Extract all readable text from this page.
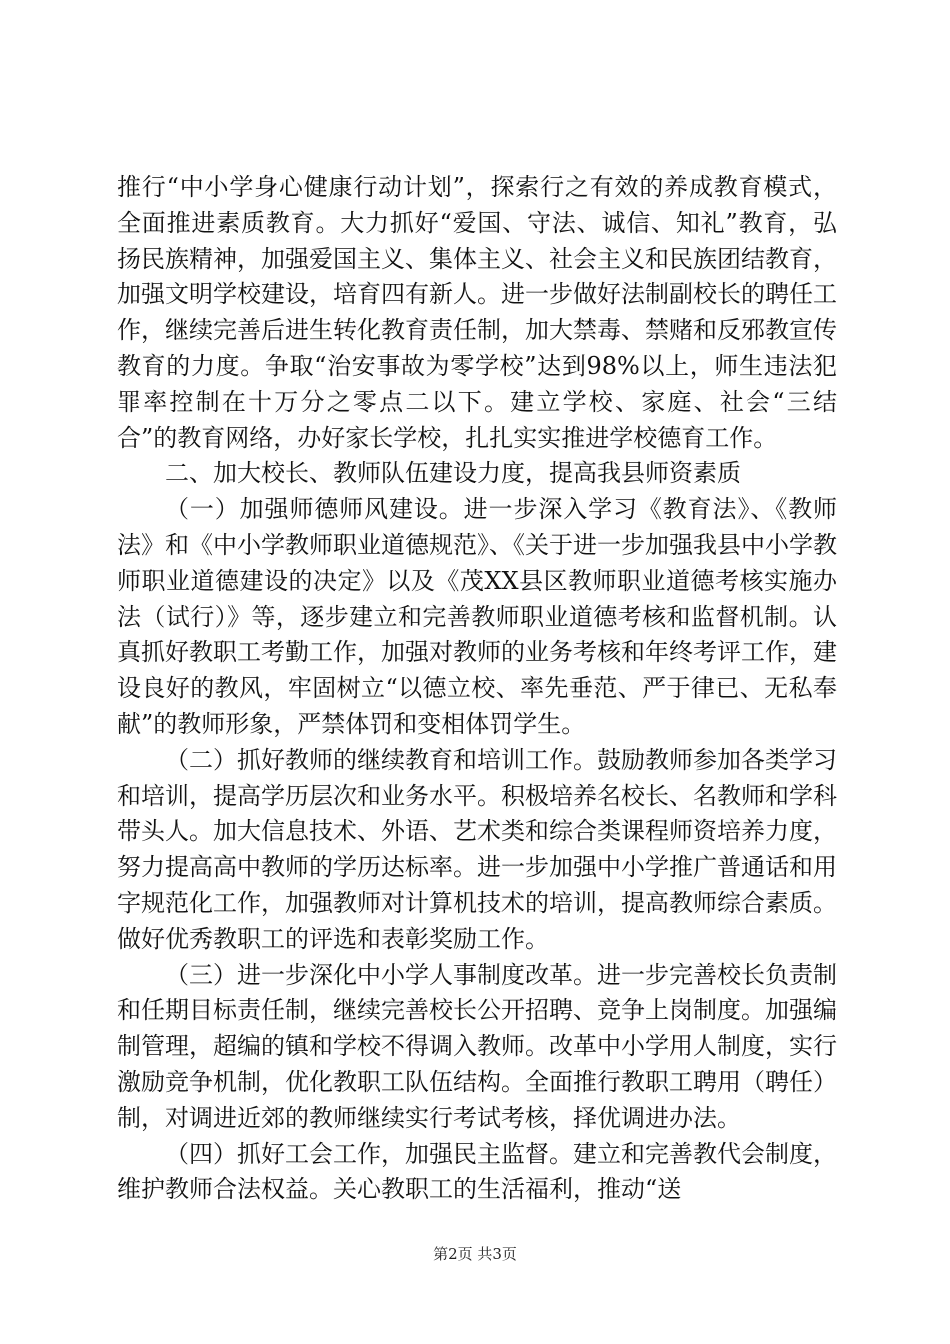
推行“中小学身心健康行动计划”，探索行之有效的养成教育模式，全面推进素质教育。大力抓好“爱国、守法、诚信、知礼”教育，弘扬民族精神，加强爱国主义、集体主义、社会主义和民族团结教育，加强文明学校建设，培育四有新人。进一步做好法制副校长的聘任工作，继续完善后进生转化教育责任制，加大禁毒、禁赌和反邪教宣传教育的力度。争取“治安事故为零学校”达到98%以上，师生违法犯罪率控制在十万分之零点二以下。建立学校、家庭、社会“三结合”的教育网络，办好家长学校，扎扎实实推进学校德育工作。

二、加大校长、教师队伍建设力度，提高我县师资素质

（一）加强师德师风建设。进一步深入学习《教育法》、《教师法》和《中小学教师职业道德规范》、《关于进一步加强我县中小学教师职业道德建设的决定》以及《茂XX县区教师职业道德考核实施办法（试行）》等，逐步建立和完善教师职业道德考核和监督机制。认真抓好教职工考勤工作，加强对教师的业务考核和年终考评工作，建设良好的教风，牢固树立“以德立校、率先垂范、严于律已、无私奉献”的教师形象，严禁体罚和变相体罚学生。

（二）抓好教师的继续教育和培训工作。鼓励教师参加各类学习和培训，提高学历层次和业务水平。积极培养名校长、名教师和学科带头人。加大信息技术、外语、艺术类和综合类课程师资培养力度，努力提高高中教师的学历达标率。进一步加强中小学推广普通话和用字规范化工作，加强教师对计算机技术的培训，提高教师综合素质。做好优秀教职工的评选和表彰奖励工作。

（三）进一步深化中小学人事制度改革。进一步完善校长负责制和任期目标责任制，继续完善校长公开招聘、竞争上岗制度。加强编制管理，超编的镇和学校不得调入教师。改革中小学用人制度，实行激励竞争机制，优化教职工队伍结构。全面推行教职工聘用（聘任）制，对调进近郊的教师继续实行考试考核，择优调进办法。

（四）抓好工会工作，加强民主监督。建立和完善教代会制度，维护教师合法权益。关心教职工的生活福利，推动“送

第2页 共3页
